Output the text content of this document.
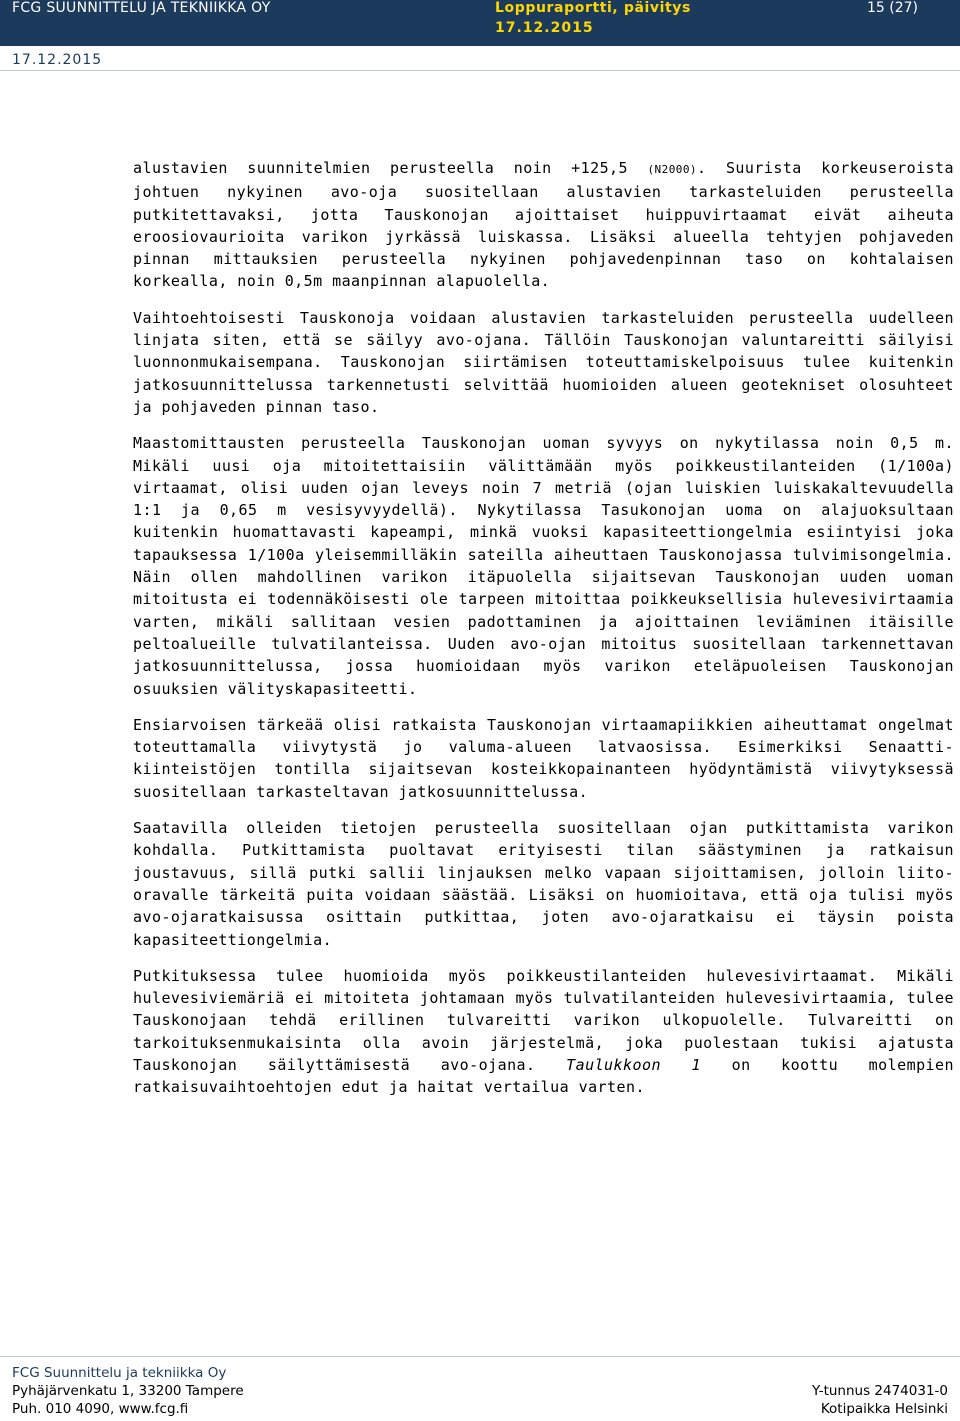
FCG SUUNNITTELU JA TEKNIIKKA OY	Loppuraportti, päivitys
17.12.2015
15 (27)
17.12.2015

alustavien suunnitelmien perusteella noin +125,5 (N2000). Suurista korkeuseroista johtuen nykyinen avo-oja suositellaan alustavien tarkasteluiden perusteella putkitettavaksi, jotta Tauskonojan ajoittaiset huippuvirtaamat eivät aiheuta eroosiovaurioita varikon jyrkässä luiskassa. Lisäksi alueella tehtyjen pohjaveden pinnan mittauksien perusteella nykyinen pohjavedenpinnan taso on kohtalaisen korkealla, noin 0,5m maanpinnan alapuolella.

Vaihtoehtoisesti Tauskonoja voidaan alustavien tarkasteluiden perusteella uudelleen linjata siten, että se säilyy avo-ojana. Tällöin Tauskonojan valuntareitti säilyisi luonnonmukaisempana. Tauskonojan siirtämisen toteuttamiskelpoisuus tulee kuitenkin jatkosuunnittelussa tarkennetusti selvittää huomioiden alueen geotekniset olosuhteet ja pohjaveden pinnan taso.

Maastomittausten perusteella Tauskonojan uoman syvyys on nykytilassa noin 0,5 m. Mikäli uusi oja mitoitettaisiin välittämään myös poikkeustilanteiden (1/100a) virtaamat, olisi uuden ojan leveys noin 7 metriä (ojan luiskien luiskakaltevuudella 1:1 ja 0,65 m vesisyvyydellä). Nykytilassa Tasukonojan uoma on alajuoksultaan kuitenkin huomattavasti kapeampi, minkä vuoksi kapasiteettiongelmia esiintyisi joka tapauksessa 1/100a yleisemmilläkin sateilla aiheuttaen Tauskonojassa tulvimisongelmia. Näin ollen mahdollinen varikon itäpuolella sijaitsevan Tauskonojan uuden uoman mitoitusta ei todennäköisesti ole tarpeen mitoittaa poikkeuksellisia hulevesivirtaamia varten, mikäli sallitaan vesien padottaminen ja ajoittainen leviäminen itäisille peltoalueille tulvatilanteissa. Uuden avo-ojan mitoitus suositellaan tarkennettavan jatkosuunnittelussa, jossa huomioidaan myös varikon eteläpuoleisen Tauskonojan osuuksien välityskapasiteetti.

Ensiarvoisen tärkeää olisi ratkaista Tauskonojan virtaamapiikkien aiheuttamat ongelmat toteuttamalla viivytystä jo valuma-alueen latvaosissa. Esimerkiksi Senaatti-kiinteistöjen tontilla sijaitsevan kosteikkopainanteen hyödyntämistä viivytyksessä suositellaan tarkasteltavan jatkosuunnittelussa.

Saatavilla olleiden tietojen perusteella suositellaan ojan putkittamista varikon kohdalla. Putkittamista puoltavat erityisesti tilan säästyminen ja ratkaisun joustavuus, sillä putki sallii linjauksen melko vapaan sijoittamisen, jolloin liito-oravalle tärkeitä puita voidaan säästää. Lisäksi on huomioitava, että oja tulisi myös avo-ojaratkaisussa osittain putkittaa, joten avo-ojaratkaisu ei täysin poista kapasiteettiongelmia.

Putkituksessa tulee huomioida myös poikkeustilanteiden hulevesivirtaamat. Mikäli hulevesiviemäriä ei mitoiteta johtamaan myös tulvatilanteiden hulevesivirtaamia, tulee Tauskonojaan tehdä erillinen tulvareitti varikon ulkopuolelle. Tulvareitti on tarkoituksenmukaisinta olla avoin järjestelmä, joka puolestaan tukisi ajatusta Tauskonojan säilyttämisestä avo-ojana. Taulukkoon 1 on koottu molempien ratkaisuvaihtoehtojen edut ja haitat vertailua varten.

FCG Suunnittelu ja tekniikka Oy
Pyhäjärvenkatu 1, 33200 Tampere	Y-tunnus 2474031-0
Puh. 010 4090, www.fcg.fi	Kotipaikka Helsinki
